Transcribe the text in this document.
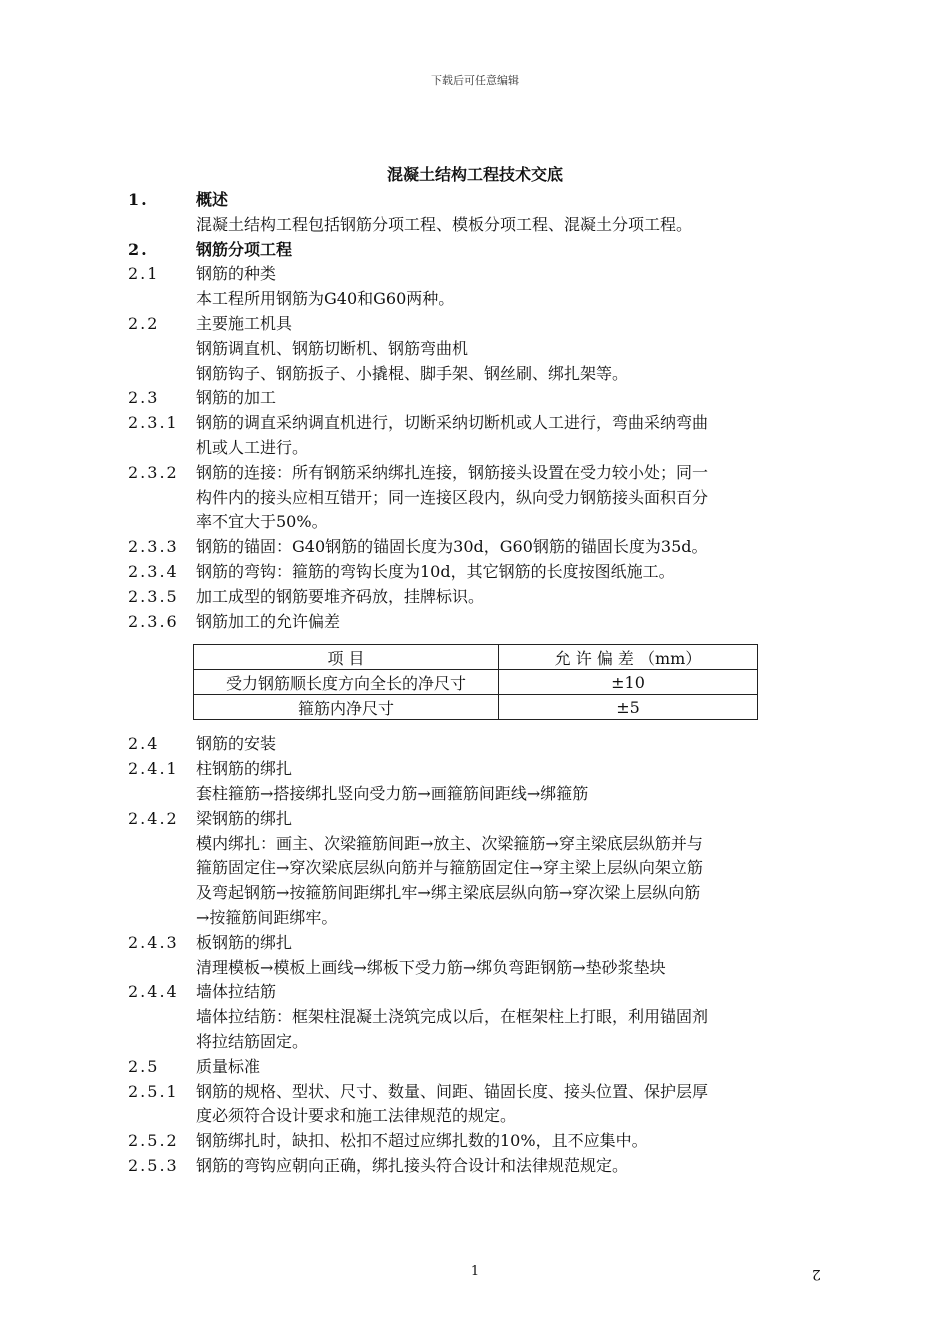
下载后可任意编辑
混凝土结构工程技术交底
1.	概述
混凝土结构工程包括钢筋分项工程、模板分项工程、混凝土分项工程。
2.	钢筋分项工程
2.1	钢筋的种类
本工程所用钢筋为G40和G60两种。
2.2	主要施工机具
钢筋调直机、钢筋切断机、钢筋弯曲机
钢筋钩子、钢筋扳子、小撬棍、脚手架、钢丝刷、绑扎架等。
2.3	钢筋的加工
2.3.1	钢筋的调直采纳调直机进行，切断采纳切断机或人工进行，弯曲采纳弯曲
机或人工进行。
2.3.2	钢筋的连接：所有钢筋采纳绑扎连接，钢筋接头设置在受力较小处；同一
构件内的接头应相互错开；同一连接区段内，纵向受力钢筋接头面积百分
率不宜大于50%。
2.3.3	钢筋的锚固：G40钢筋的锚固长度为30d，G60钢筋的锚固长度为35d。
2.3.4	钢筋的弯钩：箍筋的弯钩长度为10d，其它钢筋的长度按图纸施工。
2.3.5	加工成型的钢筋要堆齐码放，挂牌标识。
2.3.6	钢筋加工的允许偏差
项 目	允 许 偏 差 （mm）
受力钢筋顺长度方向全长的净尺寸	±10
箍筋内净尺寸	±5
2.4	钢筋的安装
2.4.1	柱钢筋的绑扎
套柱箍筋→搭接绑扎竖向受力筋→画箍筋间距线→绑箍筋
2.4.2	梁钢筋的绑扎
模内绑扎：画主、次梁箍筋间距→放主、次梁箍筋→穿主梁底层纵筋并与
箍筋固定住→穿次梁底层纵向筋并与箍筋固定住→穿主梁上层纵向架立筋
及弯起钢筋→按箍筋间距绑扎牢→绑主梁底层纵向筋→穿次梁上层纵向筋
→按箍筋间距绑牢。
2.4.3	板钢筋的绑扎
清理模板→模板上画线→绑板下受力筋→绑负弯距钢筋→垫砂浆垫块
2.4.4	墙体拉结筋
墙体拉结筋：框架柱混凝土浇筑完成以后，在框架柱上打眼，利用锚固剂
将拉结筋固定。
2.5	质量标准
2.5.1	钢筋的规格、型状、尺寸、数量、间距、锚固长度、接头位置、保护层厚
度必须符合设计要求和施工法律规范的规定。
2.5.2	钢筋绑扎时，缺扣、松扣不超过应绑扎数的10%，且不应集中。
2.5.3	钢筋的弯钩应朝向正确，绑扎接头符合设计和法律规范规定。
1	2
